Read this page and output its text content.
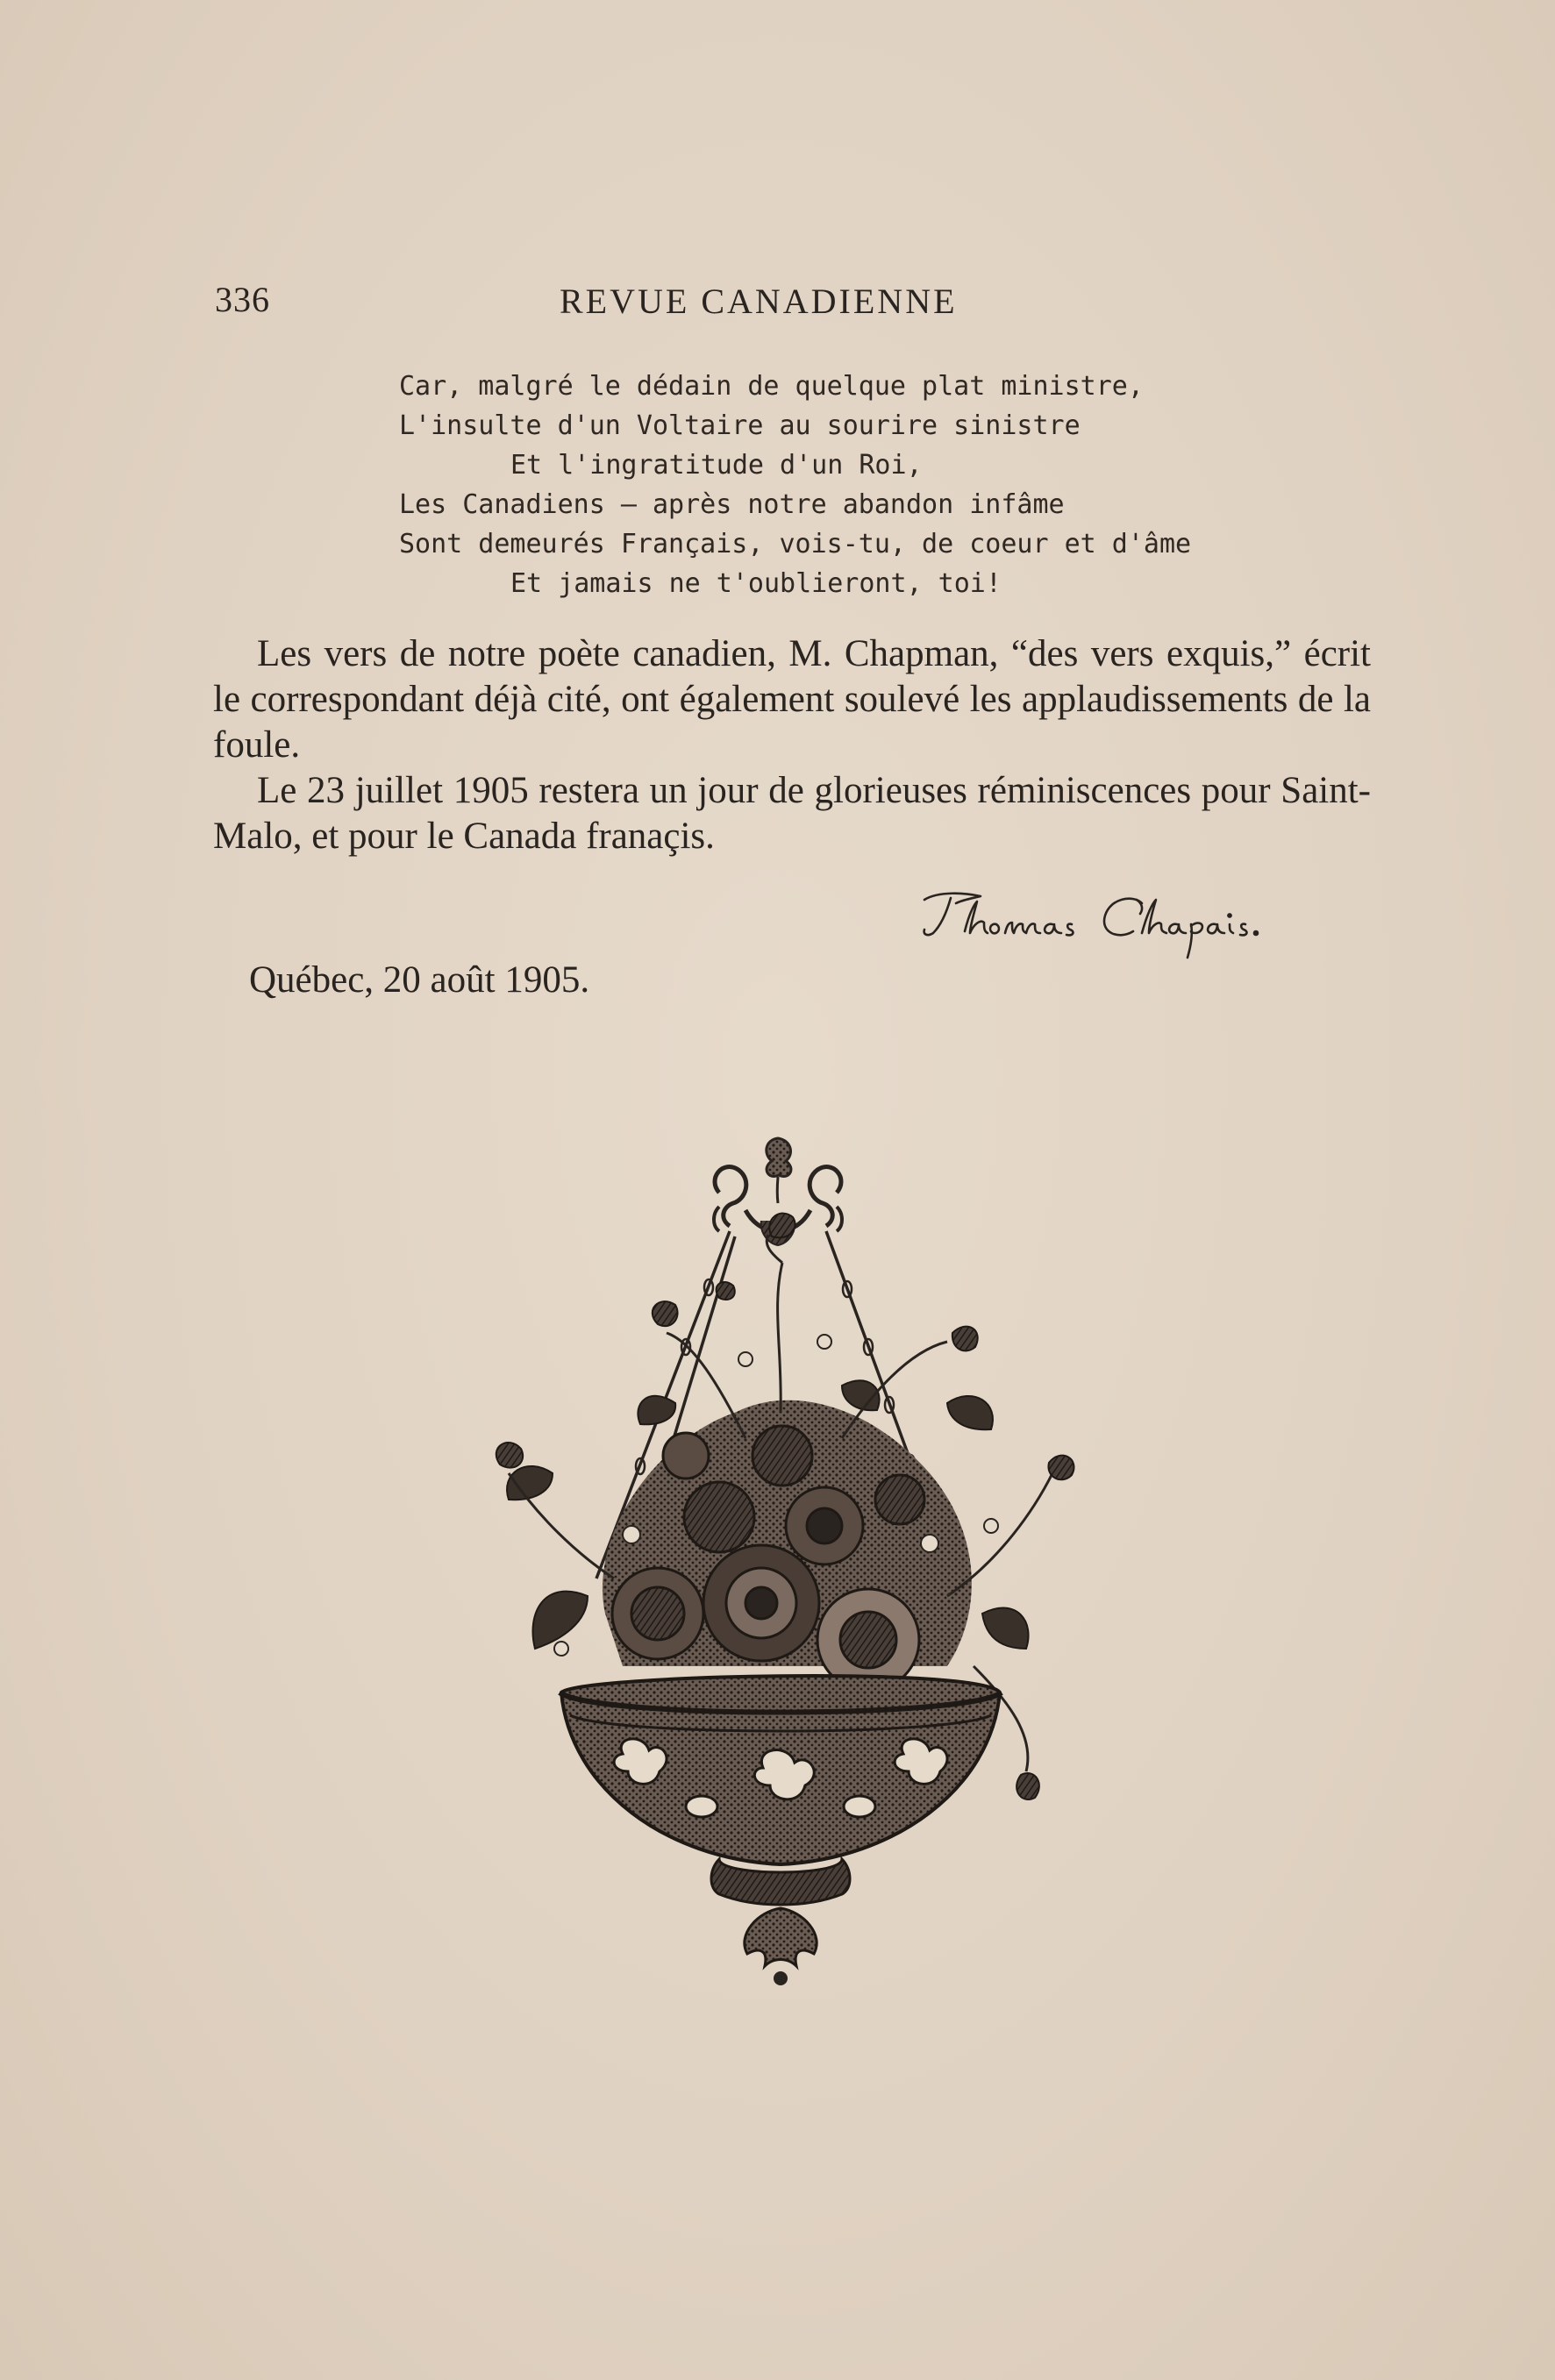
336	REVUE CANADIENNE
Car, malgré le dédain de quelque plat ministre,
L'insulte d'un Voltaire au sourire sinistre
Et l'ingratitude d'un Roi,
Les Canadiens — après notre abandon infâme
Sont demeurés Français, vois-tu, de coeur et d'âme
Et jamais ne t'oublieront, toi!

Les vers de notre poète canadien, M. Chapman, “des vers exquis,” écrit le correspondant déjà cité, ont également soulevé les applaudissements de la foule.

Le 23 juillet 1905 restera un jour de glorieuses réminiscences pour Saint-Malo, et pour le Canada franaçis.

Québec, 20 août 1905.
